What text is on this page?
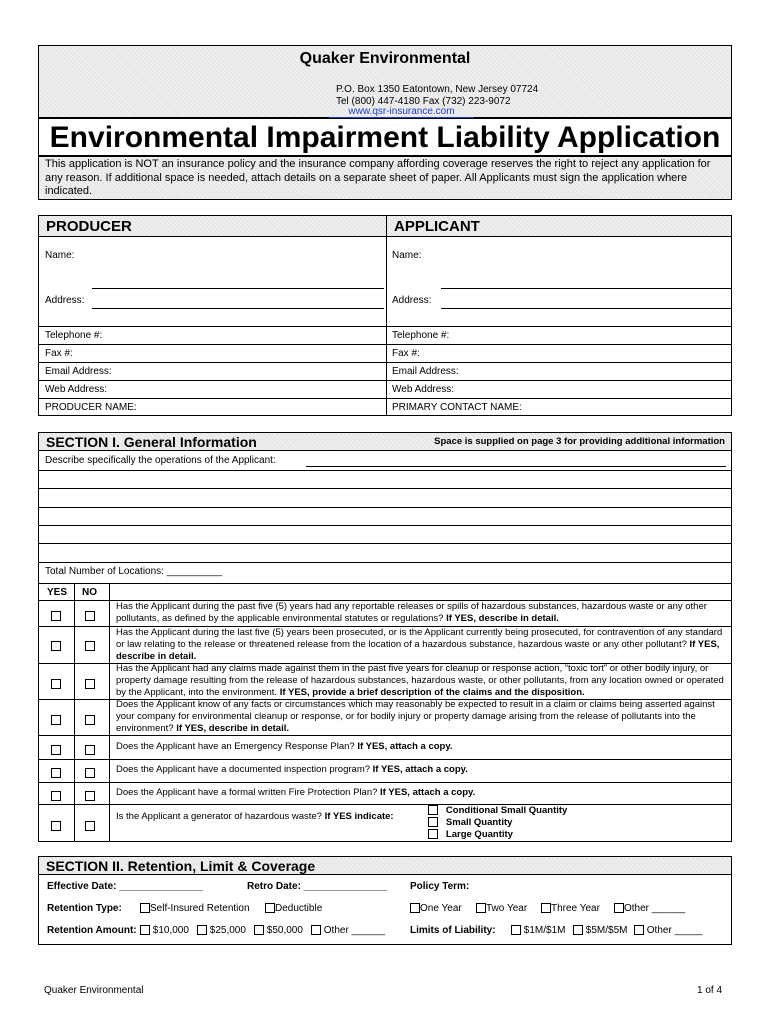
Quaker Environmental
P.O. Box 1350 Eatontown, New Jersey 07724
Tel (800) 447-4180 Fax (732) 223-9072
www.qsr-insurance.com
Environmental Impairment Liability Application
This application is NOT an insurance policy and the insurance company affording coverage reserves the right to reject any application for any reason. If additional space is needed, attach details on a separate sheet of paper. All Applicants must sign the application where indicated.
PRODUCER	APPLICANT
Name:	Name:
Address:	Address:
Telephone #:	Telephone #:
Fax #:	Fax #:
Email Address:	Email Address:
Web Address:	Web Address:
PRODUCER NAME:	PRIMARY CONTACT NAME:
SECTION I. General Information	Space is supplied on page 3 for providing additional information
Describe specifically the operations of the Applicant:
Total Number of Locations: __________
YES NO
Has the Applicant during the past five (5) years had any reportable releases or spills of hazardous substances, hazardous waste or any other pollutants, as defined by the applicable environmental statutes or regulations? If YES, describe in detail.
Has the Applicant during the last five (5) years been prosecuted, or is the Applicant currently being prosecuted, for contravention of any standard or law relating to the release or threatened release from the location of a hazardous substance, hazardous waste or any other pollutant? If YES, describe in detail.
Has the Applicant had any claims made against them in the past five years for cleanup or response action, “toxic tort” or other bodily injury, or property damage resulting from the release of hazardous substances, hazardous waste, or other pollutants, from any location owned or operated by the Applicant, into the environment. If YES, provide a brief description of the claims and the disposition.
Does the Applicant know of any facts or circumstances which may reasonably be expected to result in a claim or claims being asserted against your company for environmental cleanup or response, or for bodily injury or property damage arising from the release of pollutants into the environment? If YES, describe in detail.
Does the Applicant have an Emergency Response Plan? If YES, attach a copy.
Does the Applicant have a documented inspection program? If YES, attach a copy.
Does the Applicant have a formal written Fire Protection Plan? If YES, attach a copy.
Is the Applicant a generator of hazardous waste? If YES indicate:
Conditional Small Quantity
Small Quantity
Large Quantity
SECTION II. Retention, Limit & Coverage
Effective Date: _______________	Retro Date: _______________ Policy Term:
Retention Type:	Self-Insured Retention	Deductible	One Year	Two Year	Three Year	Other ______
Retention Amount:	$10,000	$25,000	$50,000	Other ______	Limits of Liability:	$1M/$1M	$5M/$5M	Other _____
Quaker Environmental	1 of 4
